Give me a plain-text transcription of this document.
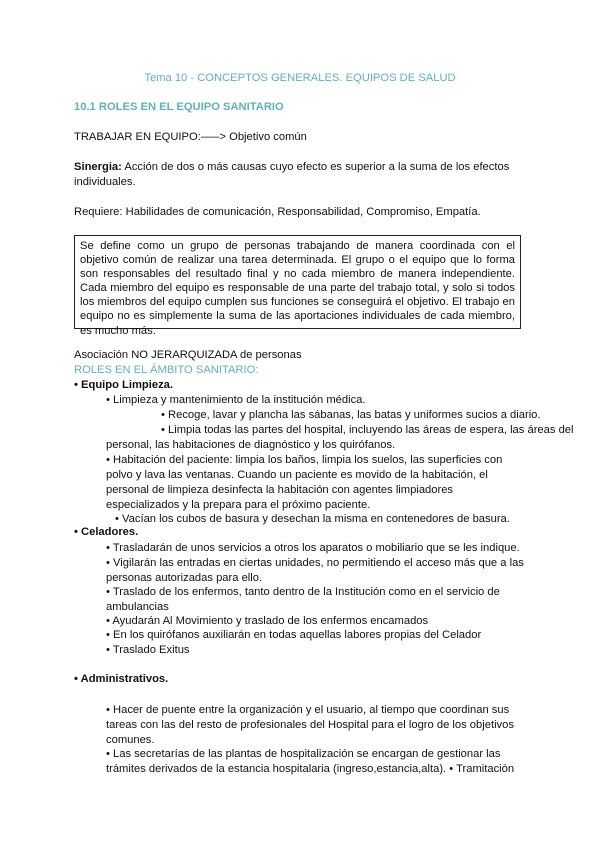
Tema 10 - CONCEPTOS GENERALES. EQUIPOS DE SALUD
10.1 ROLES EN EL EQUIPO SANITARIO
TRABAJAR EN EQUIPO:–––> Objetivo común
Sinergia: Acción de dos o más causas cuyo efecto es superior a la suma de los efectos
individuales.
Requiere: Habilidades de comunicación, Responsabilidad, Compromiso, Empatía.
Se define como un grupo de personas trabajando de manera coordinada con el objetivo común de realizar una tarea determinada. El grupo o el equipo que lo forma son responsables del resultado final y no cada miembro de manera independiente. Cada miembro del equipo es responsable de una parte del trabajo total, y solo si todos los miembros del equipo cumplen sus funciones se conseguirá el objetivo. El trabajo en equipo no es simplemente la suma de las aportaciones individuales de cada miembro, es mucho más.
Asociación NO JERARQUIZADA de personas
ROLES EN EL ÁMBITO SANITARIO:
• Equipo Limpieza.
• Limpieza y mantenimiento de la institución médica.
• Recoge, lavar y plancha las sábanas, las batas y uniformes sucios a diario.
• Limpia todas las partes del hospital, incluyendo las áreas de espera, las áreas del
personal, las habitaciones de diagnóstico y los quirófanos.
• Habitación del paciente: limpia los baños, limpia los suelos, las superficies con
polvo y lava las ventanas. Cuando un paciente es movido de la habitación, el
personal de limpieza desinfecta la habitación con agentes limpiadores
especializados y la prepara para el próximo paciente.
• Vacían los cubos de basura y desechan la misma en contenedores de basura.
• Celadores.
• Trasladarán de unos servicios a otros los aparatos o mobiliario que se les indique.
• Vigilarán las entradas en ciertas unidades, no permitiendo el acceso más que a las
personas autorizadas para ello.
• Traslado de los enfermos, tanto dentro de la Institución como en el servicio de
ambulancias
• Ayudarán Al Movimiento y traslado de los enfermos encamados
• En los quirófanos auxiliarán en todas aquellas labores propias del Celador
• Traslado Exitus
• Administrativos.
• Hacer de puente entre la organización y el usuario, al tiempo que coordinan sus
tareas con las del resto de profesionales del Hospital para el logro de los objetivos
comunes.
• Las secretarías de las plantas de hospitalización se encargan de gestionar las
trámites derivados de la estancia hospitalaria (ingreso,estancia,alta). • Tramitación
